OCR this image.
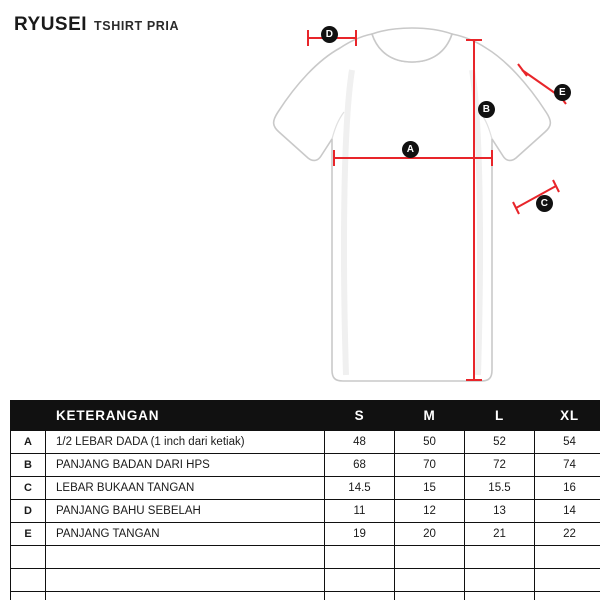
RYUSEI TSHIRT PRIA
A
B
C
D
E
	KETERANGAN	S	M	L	XL
A	1/2 LEBAR DADA (1 inch dari ketiak)	48	50	52	54
B	PANJANG BADAN DARI HPS	68	70	72	74
C	LEBAR BUKAAN TANGAN	14.5	15	15.5	16
D	PANJANG BAHU SEBELAH	11	12	13	14
E	PANJANG TANGAN	19	20	21	22
